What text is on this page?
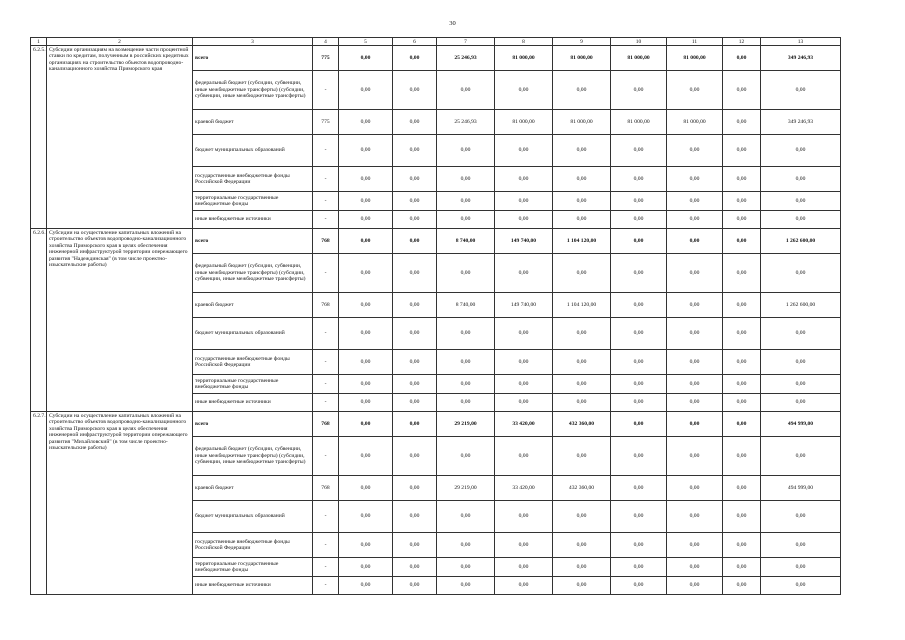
30
1	2	3	4	5	6	7	8	9	10	11	12	13
6.2.5.	Субсидии организациям на возмещение части процентной ставки по кредитам, полученным в российских кредитных организациях на строительство объектов водопроводно-канализационного хозяйства Приморского края	всего	775	0,00	0,00	25 246,93	81 000,00	81 000,00	81 000,00	81 000,00	0,00	349 246,93
		федеральный бюджет (субсидии, субвенции, иные межбюджетные трансферты) (субсидии, субвенции, иные межбюджетные трансферты)	-	0,00	0,00	0,00	0,00	0,00	0,00	0,00	0,00	0,00
		краевой бюджет	775	0,00	0,00	25 246,93	81 000,00	81 000,00	81 000,00	81 000,00	0,00	349 246,93
		бюджет муниципальных образований	-	0,00	0,00	0,00	0,00	0,00	0,00	0,00	0,00	0,00
		государственные внебюджетные фонды Российской Федерации	-	0,00	0,00	0,00	0,00	0,00	0,00	0,00	0,00	0,00
		территориальные государственные внебюджетные фонды	-	0,00	0,00	0,00	0,00	0,00	0,00	0,00	0,00	0,00
		иные внебюджетные источники	-	0,00	0,00	0,00	0,00	0,00	0,00	0,00	0,00	0,00
6.2.6.	Субсидии на осуществление капитальных вложений на строительство объектов водопроводно-канализационного хозяйства Приморского края в целях обеспечения инженерной инфраструктурой территории опережающего развития "Надеждинская" (в том числе проектно-изыскательские работы)	всего	768	0,00	0,00	8 740,00	149 740,00	1 104 120,00	0,00	0,00	0,00	1 262 600,00
		федеральный бюджет (субсидии, субвенции, иные межбюджетные трансферты) (субсидии, субвенции, иные межбюджетные трансферты)	-	0,00	0,00	0,00	0,00	0,00	0,00	0,00	0,00	0,00
		краевой бюджет	768	0,00	0,00	8 740,00	149 740,00	1 104 120,00	0,00	0,00	0,00	1 262 600,00
		бюджет муниципальных образований	-	0,00	0,00	0,00	0,00	0,00	0,00	0,00	0,00	0,00
		государственные внебюджетные фонды Российской Федерации	-	0,00	0,00	0,00	0,00	0,00	0,00	0,00	0,00	0,00
		территориальные государственные внебюджетные фонды	-	0,00	0,00	0,00	0,00	0,00	0,00	0,00	0,00	0,00
		иные внебюджетные источники	-	0,00	0,00	0,00	0,00	0,00	0,00	0,00	0,00	0,00
6.2.7.	Субсидии на осуществление капитальных вложений на строительство объектов водопроводно-канализационного хозяйства Приморского края в целях обеспечения инженерной инфраструктурой территории опережающего развития "Михайловский" (в том числе проектно-изыскательские работы)	всего	768	0,00	0,00	29 219,00	33 420,00	432 360,00	0,00	0,00	0,00	494 999,00
		федеральный бюджет (субсидии, субвенции, иные межбюджетные трансферты) (субсидии, субвенции, иные межбюджетные трансферты)	-	0,00	0,00	0,00	0,00	0,00	0,00	0,00	0,00	0,00
		краевой бюджет	768	0,00	0,00	29 219,00	33 420,00	432 360,00	0,00	0,00	0,00	494 999,00
		бюджет муниципальных образований	-	0,00	0,00	0,00	0,00	0,00	0,00	0,00	0,00	0,00
		государственные внебюджетные фонды Российской Федерации	-	0,00	0,00	0,00	0,00	0,00	0,00	0,00	0,00	0,00
		территориальные государственные внебюджетные фонды	-	0,00	0,00	0,00	0,00	0,00	0,00	0,00	0,00	0,00
		иные внебюджетные источники	-	0,00	0,00	0,00	0,00	0,00	0,00	0,00	0,00	0,00
